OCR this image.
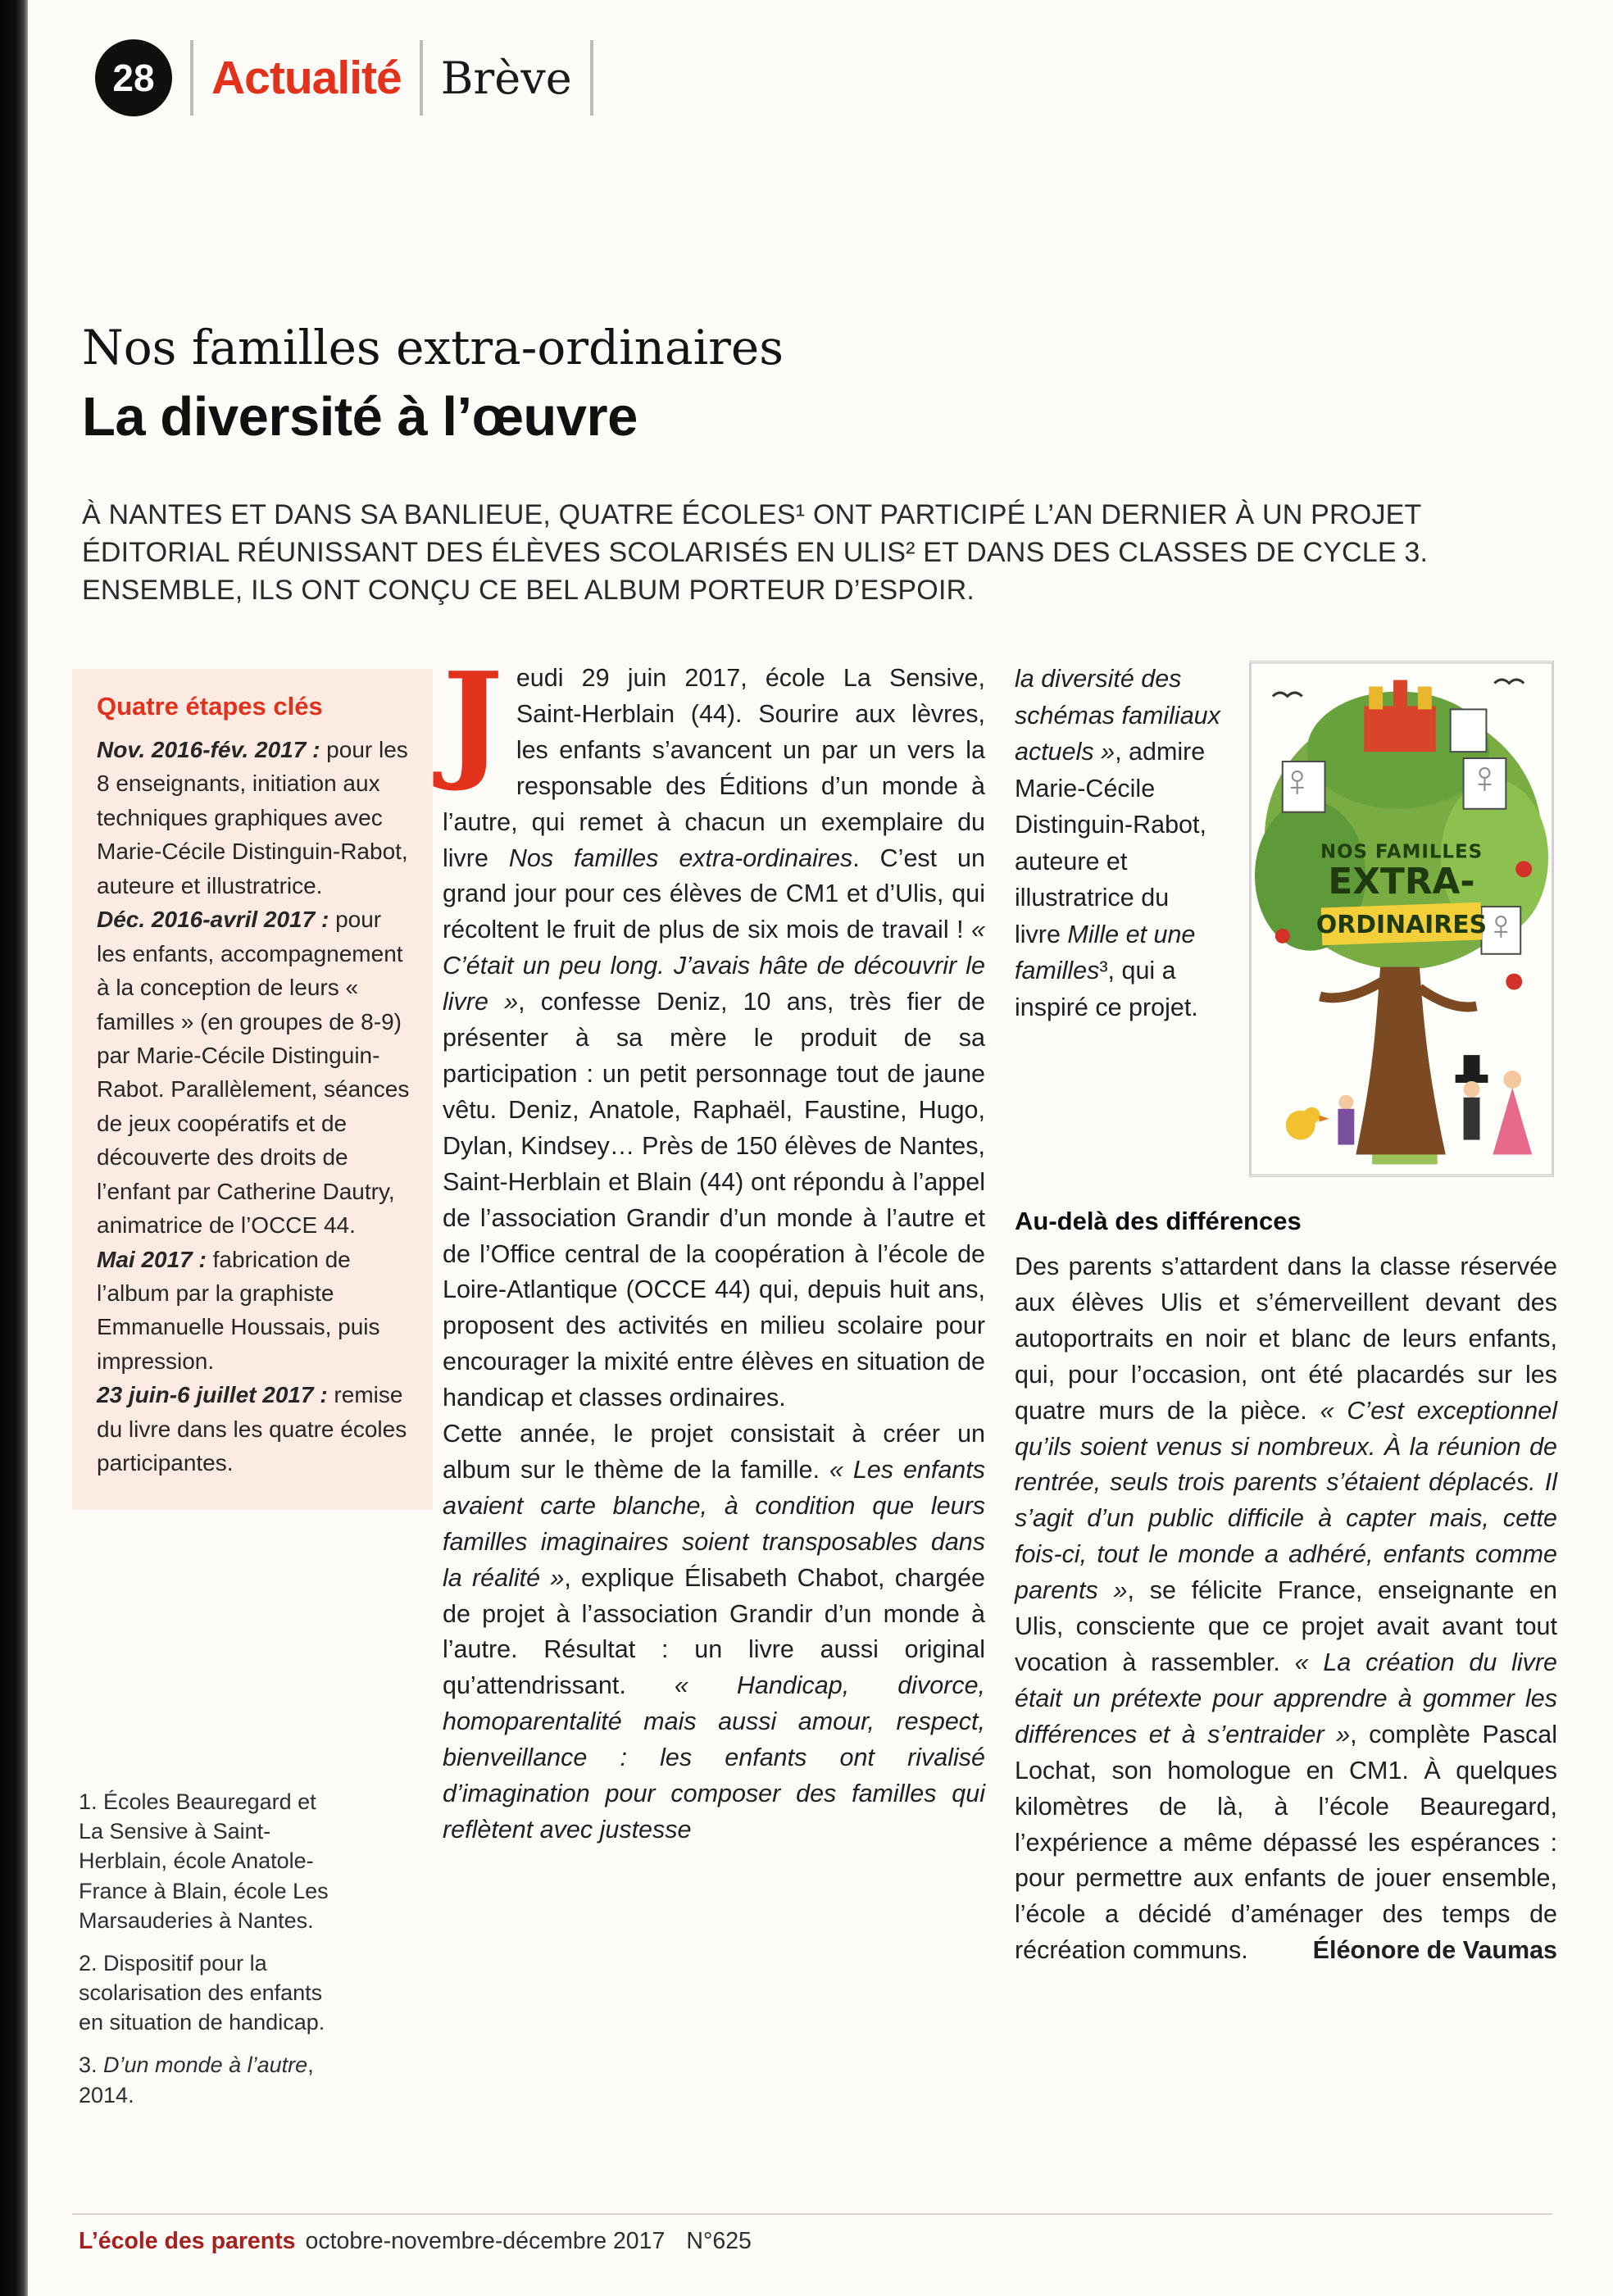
28	Actualité Brève
Nos familles extra-ordinaires
La diversité à l’œuvre
À NANTES ET DANS SA BANLIEUE, QUATRE ÉCOLES¹ ONT PARTICIPÉ L’AN DERNIER À UN PROJET ÉDITORIAL RÉUNISSANT DES ÉLÈVES SCOLARISÉS EN ULIS² ET DANS DES CLASSES DE CYCLE 3. ENSEMBLE, ILS ONT CONÇU CE BEL ALBUM PORTEUR D’ESPOIR.
Quatre étapes clés

Nov. 2016-fév. 2017 : pour les 8 enseignants, initiation aux techniques graphiques avec Marie-Cécile Distinguin-Rabot, auteure et illustratrice.

Déc. 2016-avril 2017 : pour les enfants, accompagnement à la conception de leurs « familles » (en groupes de 8-9) par Marie-Cécile Distinguin-Rabot. Parallèlement, séances de jeux coopératifs et de découverte des droits de l’enfant par Catherine Dautry, animatrice de l’OCCE 44.

Mai 2017 : fabrication de l’album par la graphiste Emmanuelle Houssais, puis impression.

23 juin-6 juillet 2017 : remise du livre dans les quatre écoles participantes.

1. Écoles Beauregard et La Sensive à Saint-Herblain, école Anatole-France à Blain, école Les Marsauderies à Nantes.

2. Dispositif pour la scolarisation des enfants en situation de handicap.

3. D’un monde à l’autre, 2014.

Jeudi 29 juin 2017, école La Sensive, Saint-Herblain (44). Sourire aux lèvres, les enfants s’avancent un par un vers la responsable des Éditions d’un monde à l’autre, qui remet à chacun un exemplaire du livre Nos familles extra-ordinaires. C’est un grand jour pour ces élèves de CM1 et d’Ulis, qui récoltent le fruit de plus de six mois de travail ! « C’était un peu long. J’avais hâte de découvrir le livre », confesse Deniz, 10 ans, très fier de présenter à sa mère le produit de sa participation : un petit personnage tout de jaune vêtu. Deniz, Anatole, Raphaël, Faustine, Hugo, Dylan, Kindsey… Près de 150 élèves de Nantes, Saint-Herblain et Blain (44) ont répondu à l’appel de l’association Grandir d’un monde à l’autre et de l’Office central de la coopération à l’école de Loire-Atlantique (OCCE 44) qui, depuis huit ans, proposent des activités en milieu scolaire pour encourager la mixité entre élèves en situation de handicap et classes ordinaires.

Cette année, le projet consistait à créer un album sur le thème de la famille. « Les enfants avaient carte blanche, à condition que leurs familles imaginaires soient transposables dans la réalité », explique Élisabeth Chabot, chargée de projet à l’association Grandir d’un monde à l’autre. Résultat : un livre aussi original qu’attendrissant. « Handicap, divorce, homoparentalité mais aussi amour, respect, bienveillance : les enfants ont rivalisé d’imagination pour composer des familles qui reflètent avec justesse

la diversité des schémas familiaux actuels », admire Marie-Cécile Distinguin-Rabot, auteure et illustratrice du livre Mille et une familles³, qui a inspiré ce projet.
NOS FAMILLES
EXTRA-
ORDINAIRES
Au-delà des différences

Des parents s’attardent dans la classe réservée aux élèves Ulis et s’émerveillent devant des autoportraits en noir et blanc de leurs enfants, qui, pour l’occasion, ont été placardés sur les quatre murs de la pièce. « C’est exceptionnel qu’ils soient venus si nombreux. À la réunion de rentrée, seuls trois parents s’étaient déplacés. Il s’agit d’un public difficile à capter mais, cette fois-ci, tout le monde a adhéré, enfants comme parents », se félicite France, enseignante en Ulis, consciente que ce projet avait avant tout vocation à rassembler. « La création du livre était un prétexte pour apprendre à gommer les différences et à s’entraider », complète Pascal Lochat, son homologue en CM1. À quelques kilomètres de là, à l’école Beauregard, l’expérience a même dépassé les espérances : pour permettre aux enfants de jouer ensemble, l’école a décidé d’aménager des temps de récréation communs.	Éléonore de Vaumas

L’école des parents octobre-novembre-décembre 2017 N°625
